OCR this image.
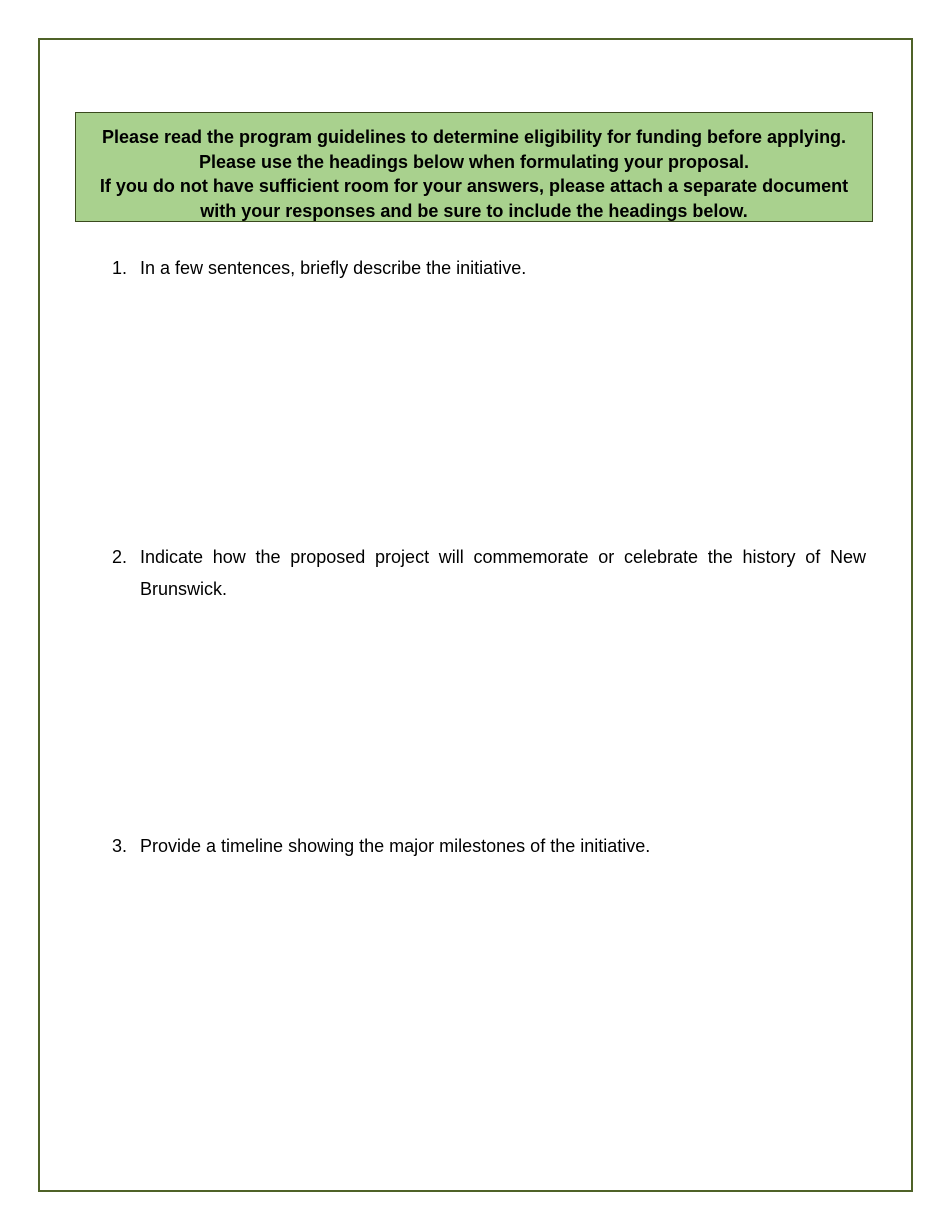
Please read the program guidelines to determine eligibility for funding before applying.
Please use the headings below when formulating your proposal.
If you do not have sufficient room for your answers, please attach a separate document
with your responses and be sure to include the headings below.
1. In a few sentences, briefly describe the initiative.
2. Indicate how the proposed project will commemorate or celebrate the history of New Brunswick.
3. Provide a timeline showing the major milestones of the initiative.
